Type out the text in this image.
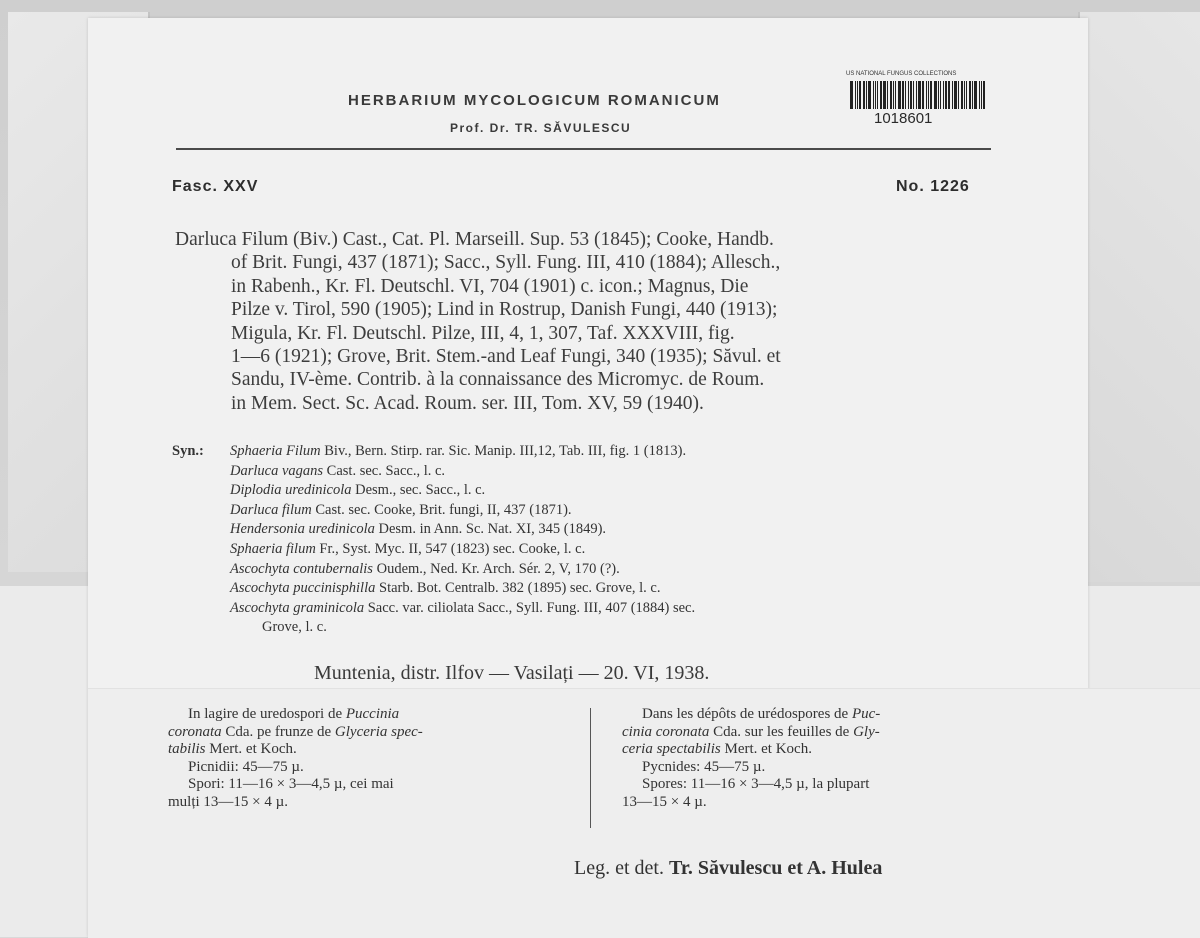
HERBARIUM MYCOLOGICUM ROMANICUM
Prof. Dr. TR. SĂVULESCU
US NATIONAL FUNGUS COLLECTIONS
1018601
Fasc. XXV	No. 1226
Darluca Filum (Biv.) Cast., Cat. Pl. Marseill. Sup. 53 (1845); Cooke, Handb.
of Brit. Fungi, 437 (1871); Sacc., Syll. Fung. III, 410 (1884); Allesch.,
in Rabenh., Kr. Fl. Deutschl. VI, 704 (1901) c. icon.; Magnus, Die
Pilze v. Tirol, 590 (1905); Lind in Rostrup, Danish Fungi, 440 (1913);
Migula, Kr. Fl. Deutschl. Pilze, III, 4, 1, 307, Taf. XXXVIII, fig.
1—6 (1921); Grove, Brit. Stem.-and Leaf Fungi, 340 (1935); Săvul. et
Sandu, IV-ème. Contrib. à la connaissance des Micromyc. de Roum.
in Mem. Sect. Sc. Acad. Roum. ser. III, Tom. XV, 59 (1940).
Syn.: Sphaeria Filum Biv., Bern. Stirp. rar. Sic. Manip. III,12, Tab. III, fig. 1 (1813).
Darluca vagans Cast. sec. Sacc., l. c.
Diplodia uredinicola Desm., sec. Sacc., l. c.
Darluca filum Cast. sec. Cooke, Brit. fungi, II, 437 (1871).
Hendersonia uredinicola Desm. in Ann. Sc. Nat. XI, 345 (1849).
Sphaeria filum Fr., Syst. Myc. II, 547 (1823) sec. Cooke, l. c.
Ascochyta contubernalis Oudem., Ned. Kr. Arch. Sér. 2, V, 170 (?).
Ascochyta puccinisphilla Starb. Bot. Centralb. 382 (1895) sec. Grove, l. c.
Ascochyta graminicola Sacc. var. ciliolata Sacc., Syll. Fung. III, 407 (1884) sec.
Grove, l. c.
Muntenia, distr. Ilfov — Vasilați — 20. VI, 1938.
In lagire de uredospori de Puccinia
coronata Cda. pe frunze de Glyceria spec-
tabilis Mert. et Koch.
Picnidii: 45—75 µ.
Spori: 11—16 × 3—4,5 µ, cei mai
mulți 13—15 × 4 µ.
Dans les dépôts de urédospores de Puc-
cinia coronata Cda. sur les feuilles de Gly-
ceria spectabilis Mert. et Koch.
Pycnides: 45—75 µ.
Spores: 11—16 × 3—4,5 µ, la plupart
13—15 × 4 µ.
Leg. et det. Tr. Săvulescu et A. Hulea
